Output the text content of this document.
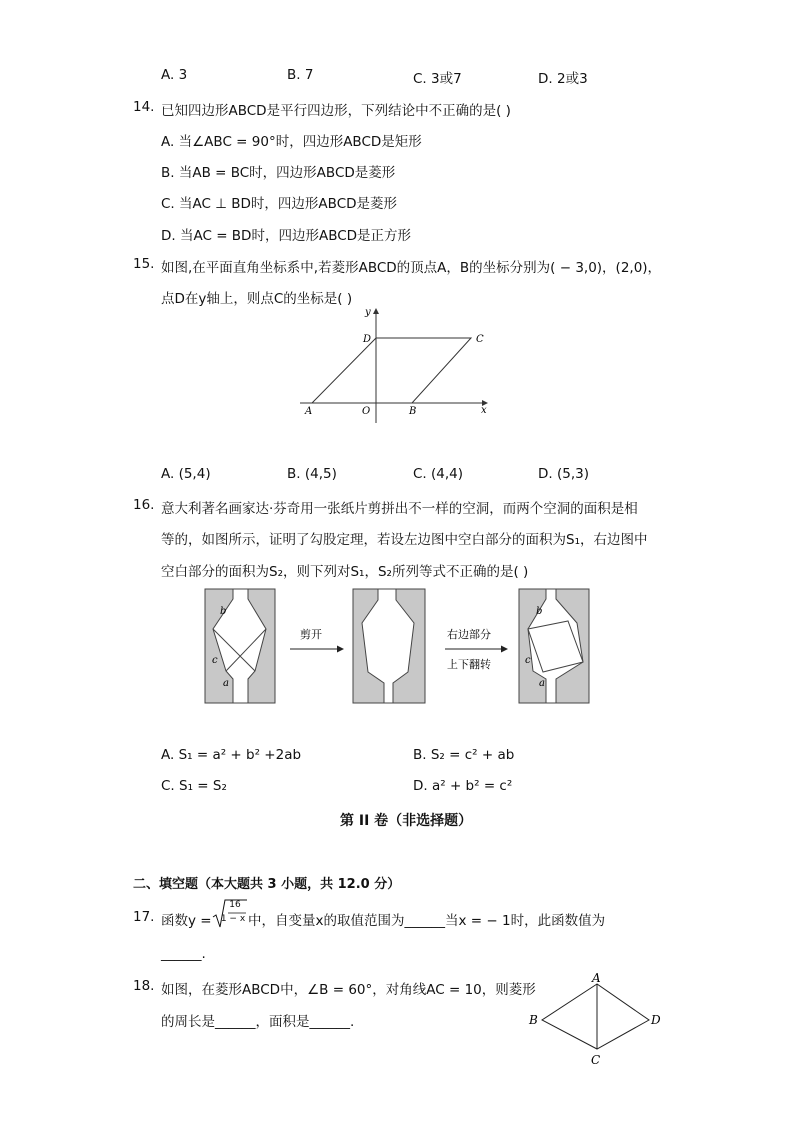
A. 3	B. 7	C. 3或7	D. 2或3
14. 已知四边形ABCD是平行四边形，下列结论中不正确的是( )
A. 当∠ABC = 90°时，四边形ABCD是矩形
B. 当AB = BC时，四边形ABCD是菱形
C. 当AC ⊥ BD时，四边形ABCD是菱形
D. 当AC = BD时，四边形ABCD是正方形
15. 如图,在平面直角坐标系中,若菱形ABCD的顶点A，B的坐标分别为( − 3,0)，(2,0)，
点D在y轴上，则点C的坐标是( )
y
D	C
A	O	B	x
A. (5,4)	B. (4,5)	C. (4,4)	D. (5,3)
16. 意大利著名画家达·芬奇用一张纸片剪拼出不一样的空洞，而两个空洞的面积是相
等的，如图所示，证明了勾股定理，若设左边图中空白部分的面积为S₁，右边图中
空白部分的面积为S₂，则下列对S₁，S₂所列等式不正确的是( )
b
c
a
剪开	右边部分
上下翻转
b
c
a
A. S₁ = a² + b² +2ab	B. S₂ = c² + ab
C. S₁ = S₂	D. a² + b² = c²
第 II 卷（非选择题）
二、填空题（本大题共 3 小题，共 12.0 分）
17. 函数y =
16
1 − x 中，自变量x的取值范围为______当x = − 1时，此函数值为
______.
18. 如图，在菱形ABCD中，∠B = 60°，对角线AC = 10，则菱形
的周长是______，面积是______.
A
B
C
D
